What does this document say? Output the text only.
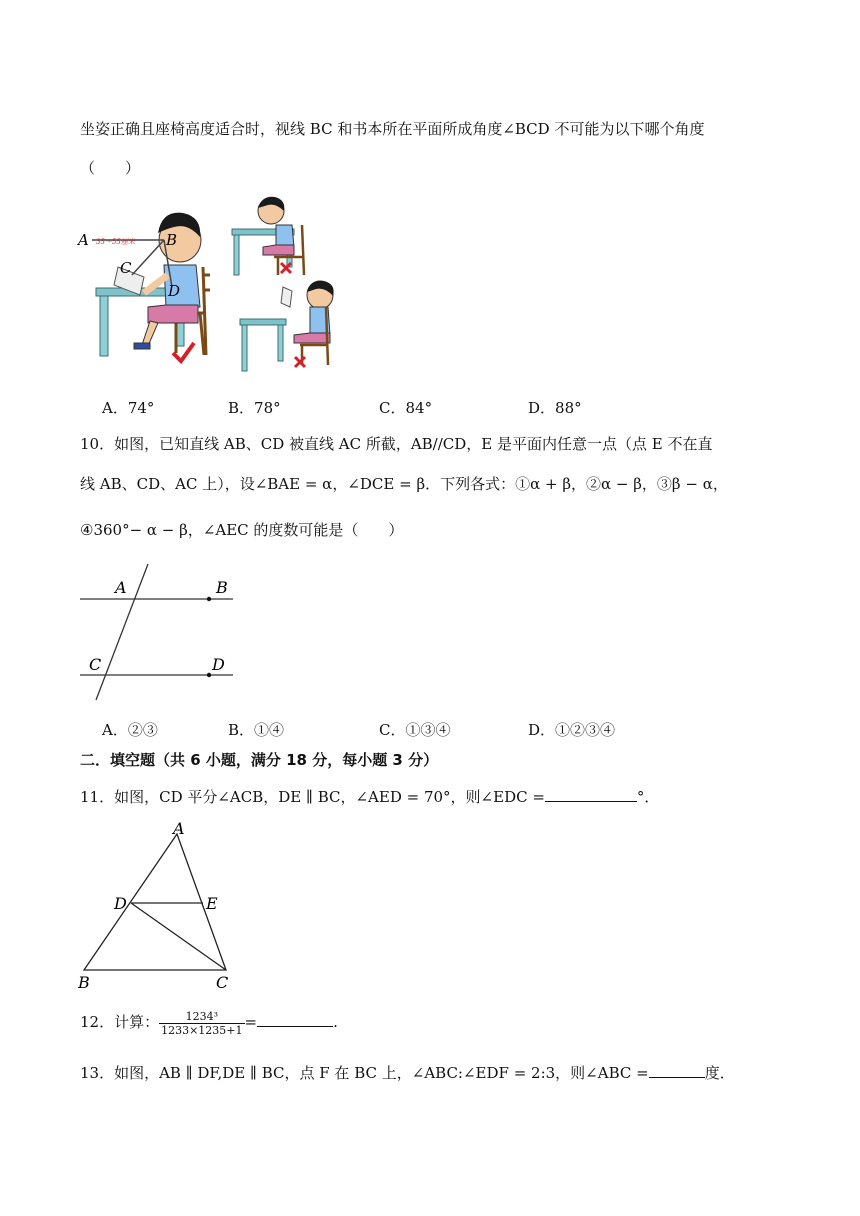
坐姿正确且座椅高度适合时，视线 BC 和书本所在平面所成角度∠BCD 不可能为以下哪个角度
（　　）
A	B
C
D
35～55厘米
A．74°	B．78°	C．84°	D．88°
10．如图，已知直线 AB、CD 被直线 AC 所截，AB//CD，E 是平面内任意一点（点 E 不在直
线 AB、CD、AC 上），设∠BAE = α，∠DCE = β．下列各式：①α + β，②α − β，③β − α，
④360°− α − β，∠AEC 的度数可能是（　　）
A	B
C	D
A．②③	B．①④	C．①③④	D．①②③④
二．填空题（共 6 小题，满分 18 分，每小题 3 分）
11．如图，CD 平分∠ACB，DE ∥ BC，∠AED = 70°，则∠EDC =	°．
A
D	E
B	C
12．计算： $\frac{\text{1234³}}{1233\times 1235+1}$ =	.
13．如图，AB ∥ DF,DE ∥ BC，点 F 在 BC 上，∠ABC:∠EDF = 2:3，则∠ABC =	度．
